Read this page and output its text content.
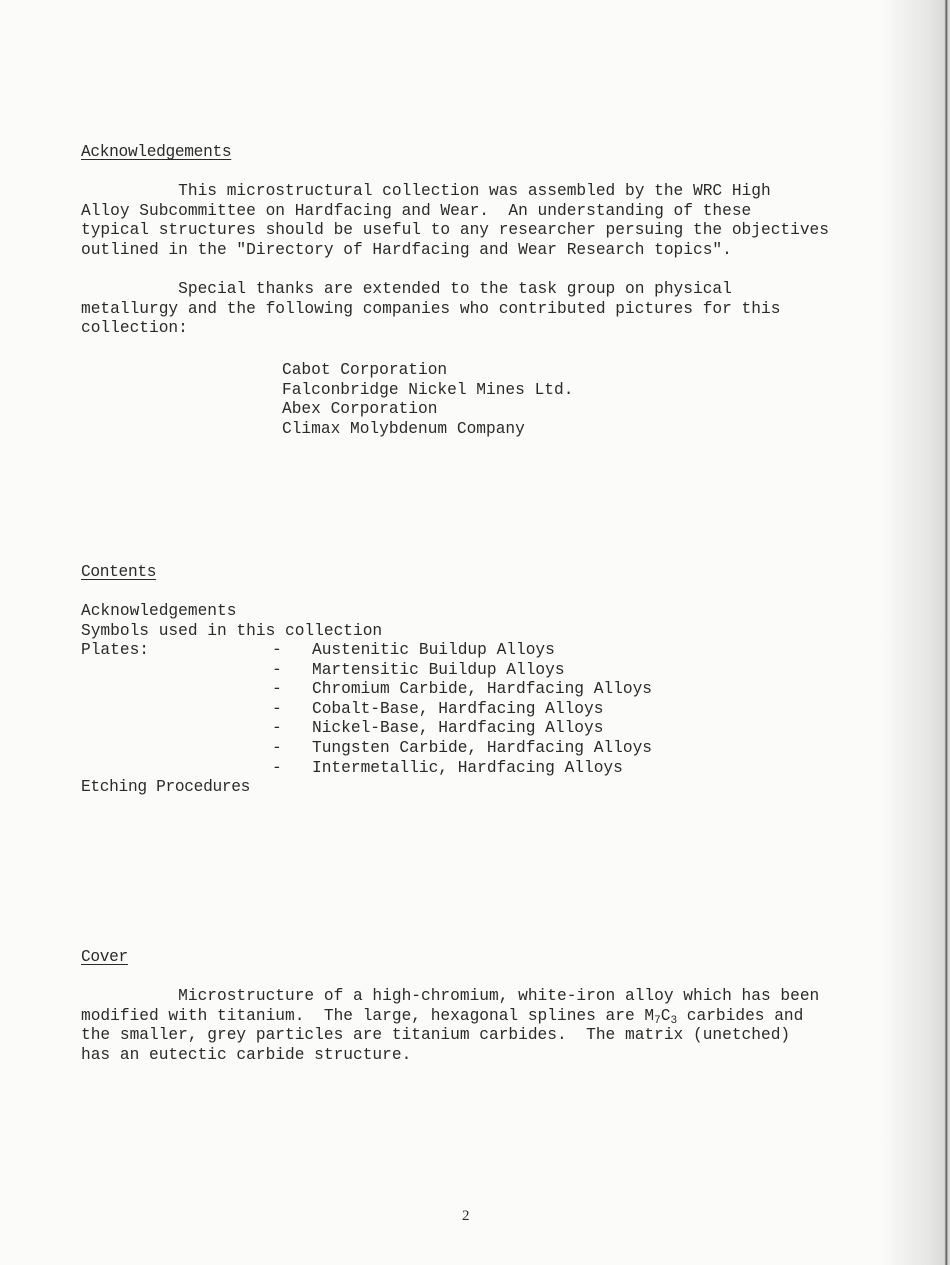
Acknowledgements
This microstructural collection was assembled by the WRC High
Alloy Subcommittee on Hardfacing and Wear.  An understanding of these
typical structures should be useful to any researcher persuing the objectives
outlined in the "Directory of Hardfacing and Wear Research topics".
Special thanks are extended to the task group on physical
metallurgy and the following companies who contributed pictures for this
collection:
Cabot Corporation
Falconbridge Nickel Mines Ltd.
Abex Corporation
Climax Molybdenum Company
Contents
Acknowledgements
Symbols used in this collection
Plates:	-
-
-
-
-
-
-
Austenitic Buildup Alloys
Martensitic Buildup Alloys
Chromium Carbide, Hardfacing Alloys
Cobalt-Base, Hardfacing Alloys
Nickel-Base, Hardfacing Alloys
Tungsten Carbide, Hardfacing Alloys
Intermetallic, Hardfacing Alloys
Etching Procedures
Cover
Microstructure of a high-chromium, white-iron alloy which has been
modified with titanium.  The large, hexagonal splines are $M_7C_3$ carbides and
the smaller, grey particles are titanium carbides.  The matrix (unetched)
has an eutectic carbide structure.
2
